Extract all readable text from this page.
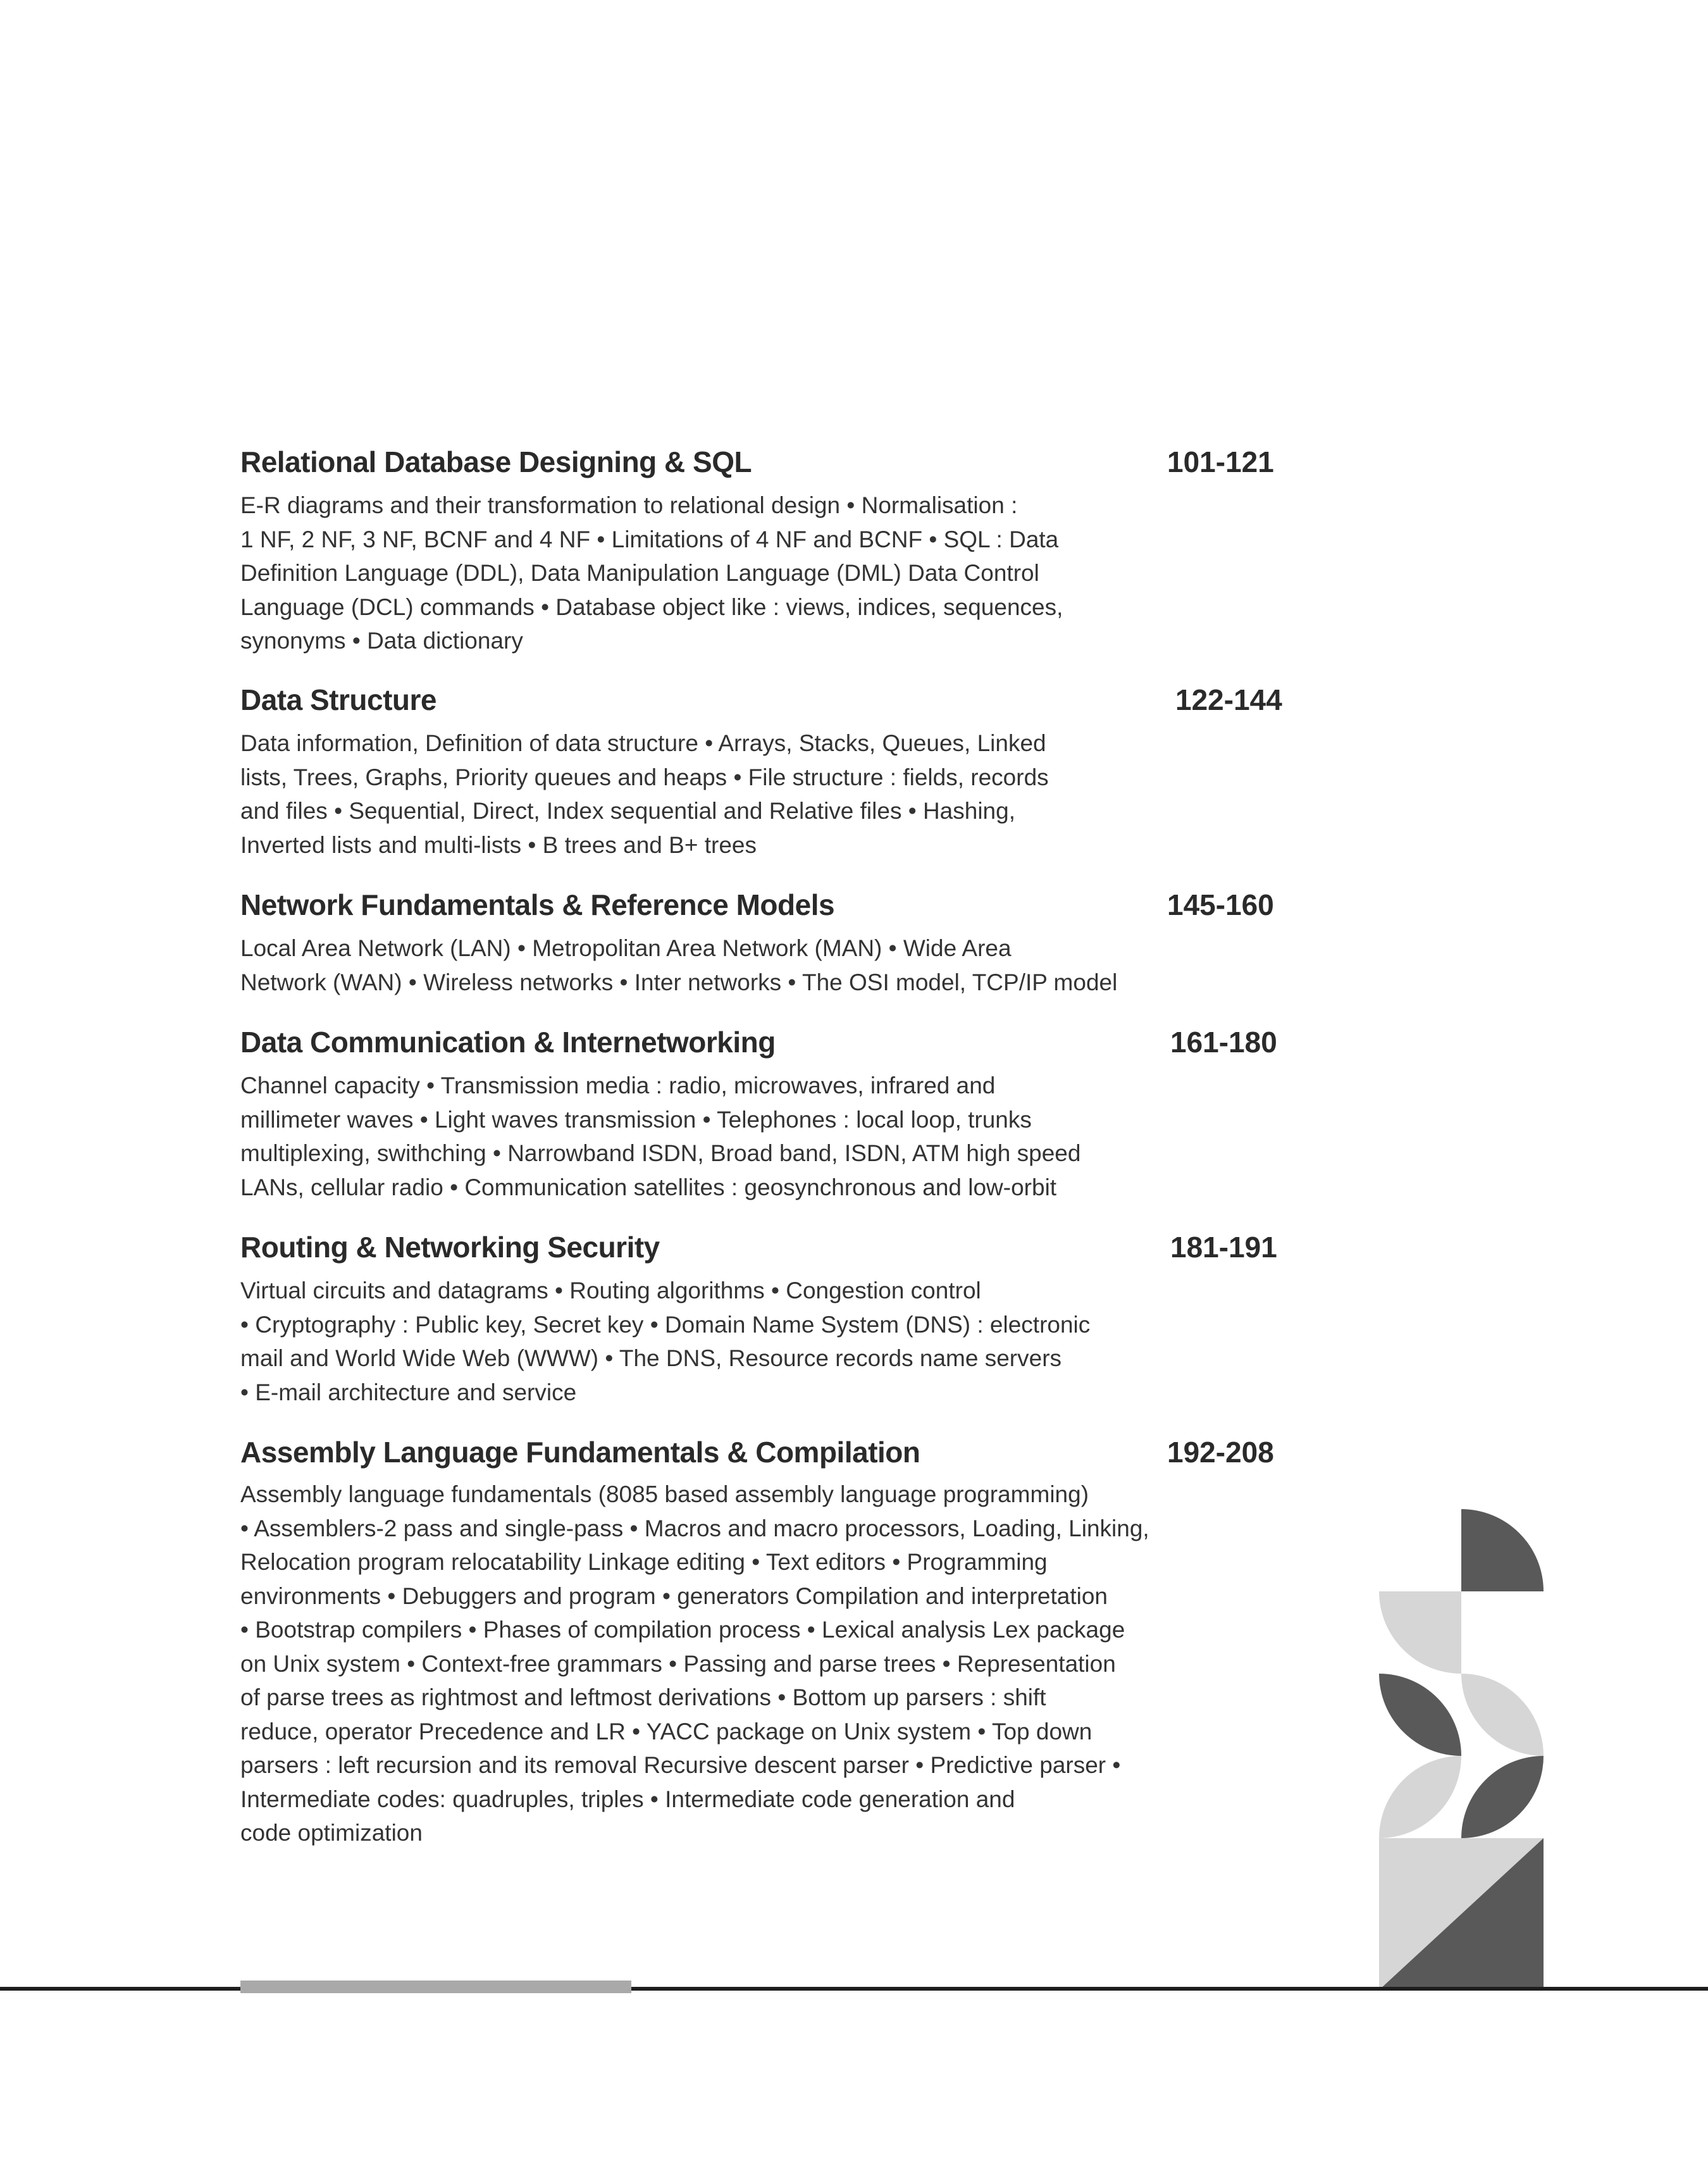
Relational Database Designing & SQL	101-121
E-R diagrams and their transformation to relational design • Normalisation :
1 NF, 2 NF, 3 NF, BCNF and 4 NF • Limitations of 4 NF and BCNF • SQL : Data
Definition Language (DDL), Data Manipulation Language (DML) Data Control
Language (DCL) commands • Database object like : views, indices, sequences,
synonyms • Data dictionary
Data Structure	122-144
Data information, Definition of data structure • Arrays, Stacks, Queues, Linked
lists, Trees, Graphs, Priority queues and heaps • File structure : fields, records
and files • Sequential, Direct, Index sequential and Relative files • Hashing,
Inverted lists and multi-lists • B trees and B+ trees
Network Fundamentals & Reference Models	145-160
Local Area Network (LAN) • Metropolitan Area Network (MAN) • Wide Area
Network (WAN) • Wireless networks • Inter networks • The OSI model, TCP/IP model
Data Communication & Internetworking	161-180
Channel capacity • Transmission media : radio, microwaves, infrared and
millimeter waves • Light waves transmission • Telephones : local loop, trunks
multiplexing, swithching • Narrowband ISDN, Broad band, ISDN, ATM high speed
LANs, cellular radio • Communication satellites : geosynchronous and low-orbit
Routing & Networking Security	181-191
Virtual circuits and datagrams • Routing algorithms • Congestion control
• Cryptography : Public key, Secret key • Domain Name System (DNS) : electronic
mail and World Wide Web (WWW) • The DNS, Resource records name servers
• E-mail architecture and service
Assembly Language Fundamentals & Compilation	192-208
Assembly language fundamentals (8085 based assembly language programming)
• Assemblers-2 pass and single-pass • Macros and macro processors, Loading, Linking,
Relocation program relocatability Linkage editing • Text editors • Programming
environments • Debuggers and program • generators Compilation and interpretation
• Bootstrap compilers • Phases of compilation process • Lexical analysis Lex package
on Unix system • Context-free grammars • Passing and parse trees • Representation
of parse trees as rightmost and leftmost derivations • Bottom up parsers : shift
reduce, operator Precedence and LR • YACC package on Unix system • Top down
parsers : left recursion and its removal Recursive descent parser • Predictive parser •
Intermediate codes: quadruples, triples • Intermediate code generation and
code optimization
